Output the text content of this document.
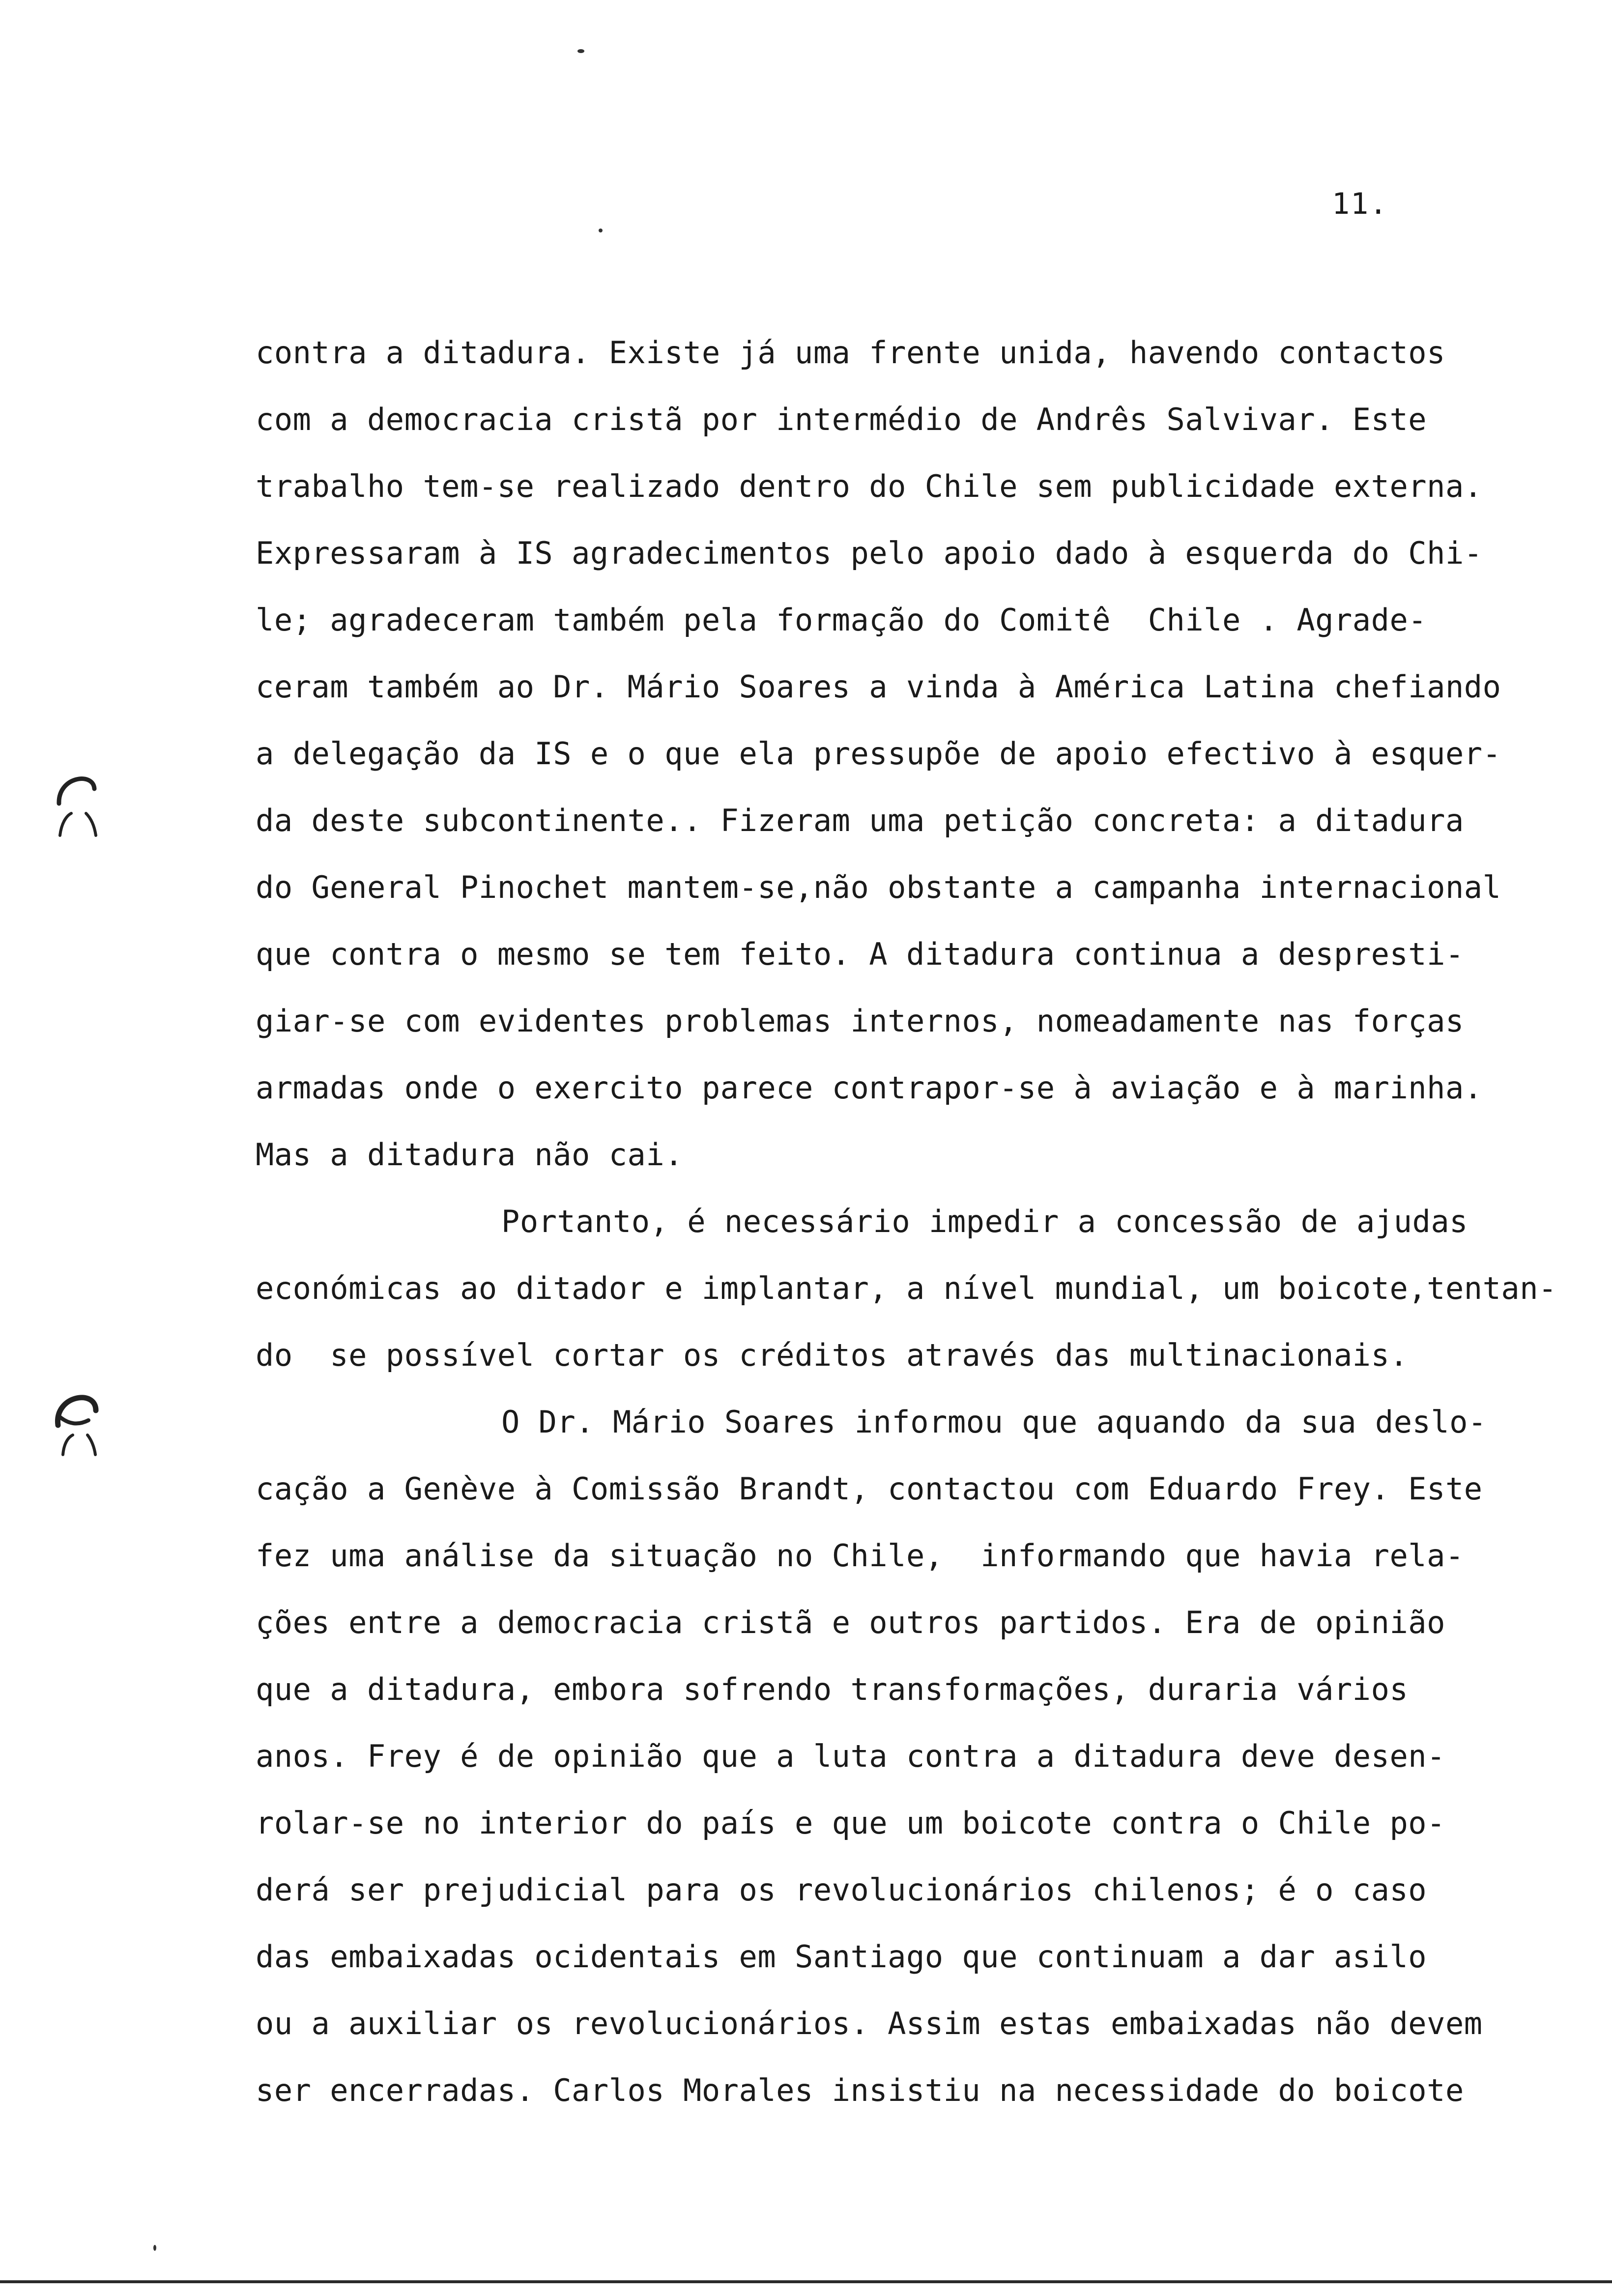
11.
contra a ditadura. Existe já uma frente unida, havendo contactos
com a democracia cristã por intermédio de Andrês Salvivar. Este
trabalho tem-se realizado dentro do Chile sem publicidade externa.
Expressaram à IS agradecimentos pelo apoio dado à esquerda do Chi-
le; agradeceram também pela formação do Comitê  Chile . Agrade-
ceram também ao Dr. Mário Soares a vinda à América Latina chefiando
a delegação da IS e o que ela pressupõe de apoio efectivo à esquer-
da deste subcontinente.. Fizeram uma petição concreta: a ditadura
do General Pinochet mantem-se,não obstante a campanha internacional
que contra o mesmo se tem feito. A ditadura continua a despresti-
giar-se com evidentes problemas internos, nomeadamente nas forças
armadas onde o exercito parece contrapor-se à aviação e à marinha.
Mas a ditadura não cai.
Portanto, é necessário impedir a concessão de ajudas
económicas ao ditador e implantar, a nível mundial, um boicote,tentan-
do  se possível cortar os créditos através das multinacionais.
O Dr. Mário Soares informou que aquando da sua deslo-
cação a Genève à Comissão Brandt, contactou com Eduardo Frey. Este
fez uma análise da situação no Chile,  informando que havia rela-
ções entre a democracia cristã e outros partidos. Era de opinião
que a ditadura, embora sofrendo transformações, duraria vários
anos. Frey é de opinião que a luta contra a ditadura deve desen-
rolar-se no interior do país e que um boicote contra o Chile po-
derá ser prejudicial para os revolucionários chilenos; é o caso
das embaixadas ocidentais em Santiago que continuam a dar asilo
ou a auxiliar os revolucionários. Assim estas embaixadas não devem
ser encerradas. Carlos Morales insistiu na necessidade do boicote
